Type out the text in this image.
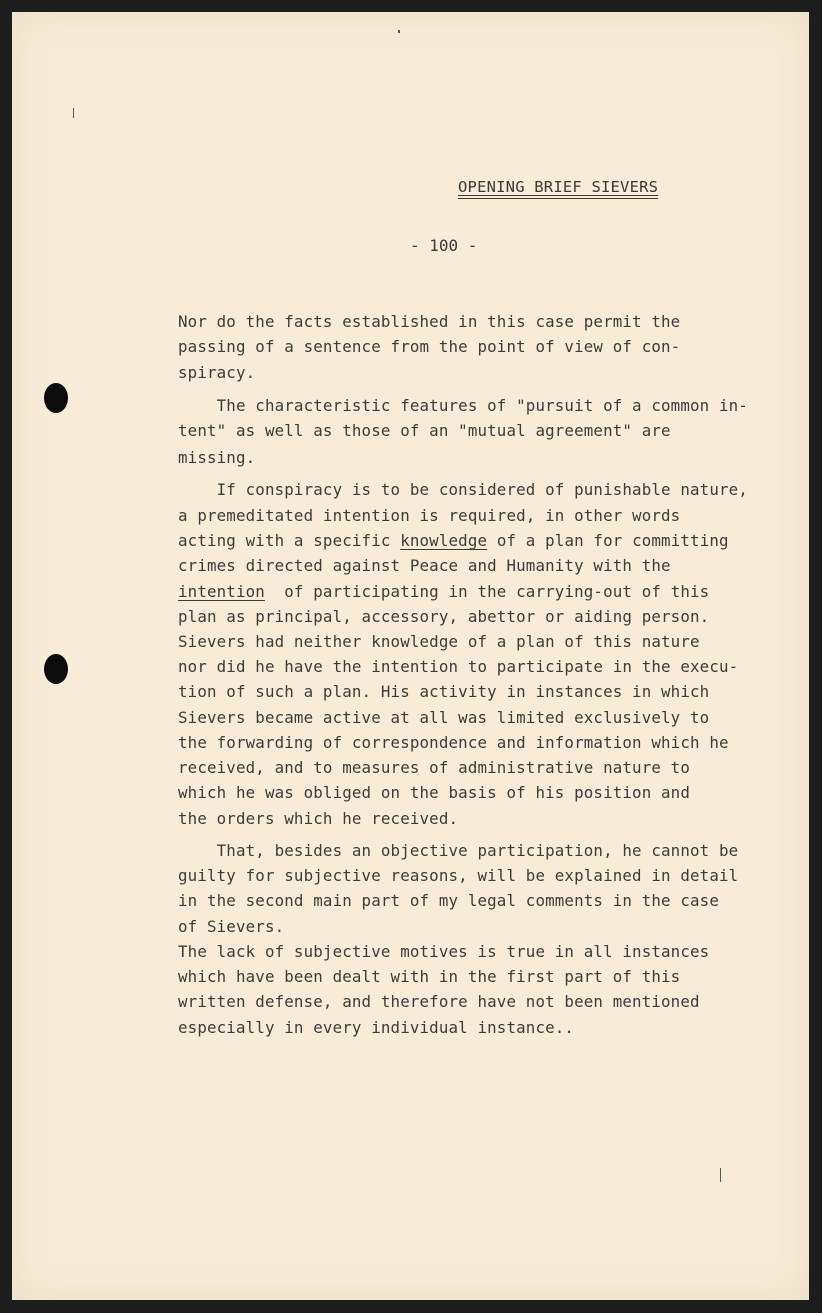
OPENING BRIEF SIEVERS
- 100 -
Nor do the facts established in this case permit the
passing of a sentence from the point of view of con-
spiracy.
The characteristic features of "pursuit of a common in-
tent" as well as those of an "mutual agreement" are
missing.
If conspiracy is to be considered of punishable nature,
a premeditated intention is required, in other words
acting with a specific knowledge of a plan for committing
crimes directed against Peace and Humanity with the
intention  of participating in the carrying-out of this
plan as principal, accessory, abettor or aiding person.
Sievers had neither knowledge of a plan of this nature
nor did he have the intention to participate in the execu-
tion of such a plan. His activity in instances in which
Sievers became active at all was limited exclusively to
the forwarding of correspondence and information which he
received, and to measures of administrative nature to
which he was obliged on the basis of his position and
the orders which he received.
That, besides an objective participation, he cannot be
guilty for subjective reasons, will be explained in detail
in the second main part of my legal comments in the case
of Sievers.
The lack of subjective motives is true in all instances
which have been dealt with in the first part of this
written defense, and therefore have not been mentioned
especially in every individual instance..
